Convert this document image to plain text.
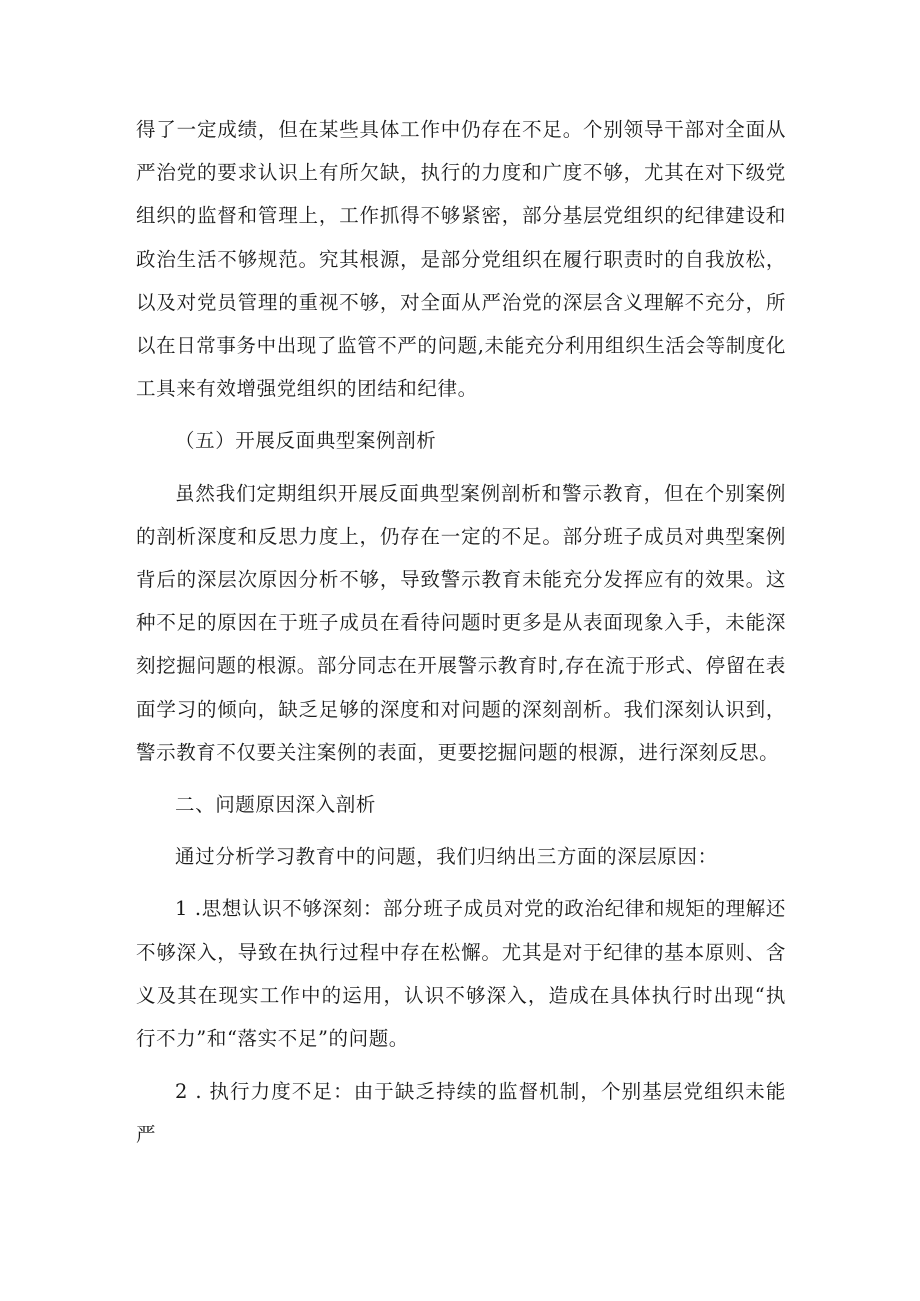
得了一定成绩，但在某些具体工作中仍存在不足。个别领导干部对全面从严治党的要求认识上有所欠缺，执行的力度和广度不够，尤其在对下级党组织的监督和管理上，工作抓得不够紧密，部分基层党组织的纪律建设和政治生活不够规范。究其根源，是部分党组织在履行职责时的自我放松，以及对党员管理的重视不够，对全面从严治党的深层含义理解不充分，所以在日常事务中出现了监管不严的问题,未能充分利用组织生活会等制度化工具来有效增强党组织的团结和纪律。

（五）开展反面典型案例剖析

虽然我们定期组织开展反面典型案例剖析和警示教育，但在个别案例的剖析深度和反思力度上，仍存在一定的不足。部分班子成员对典型案例背后的深层次原因分析不够，导致警示教育未能充分发挥应有的效果。这种不足的原因在于班子成员在看待问题时更多是从表面现象入手，未能深刻挖掘问题的根源。部分同志在开展警示教育时,存在流于形式、停留在表面学习的倾向，缺乏足够的深度和对问题的深刻剖析。我们深刻认识到，警示教育不仅要关注案例的表面，更要挖掘问题的根源，进行深刻反思。

二、问题原因深入剖析

通过分析学习教育中的问题，我们归纳出三方面的深层原因：

1 .思想认识不够深刻：部分班子成员对党的政治纪律和规矩的理解还不够深入，导致在执行过程中存在松懈。尤其是对于纪律的基本原则、含义及其在现实工作中的运用，认识不够深入，造成在具体执行时出现“执行不力”和“落实不足”的问题。

2 . 执行力度不足：由于缺乏持续的监督机制，个别基层党组织未能严
